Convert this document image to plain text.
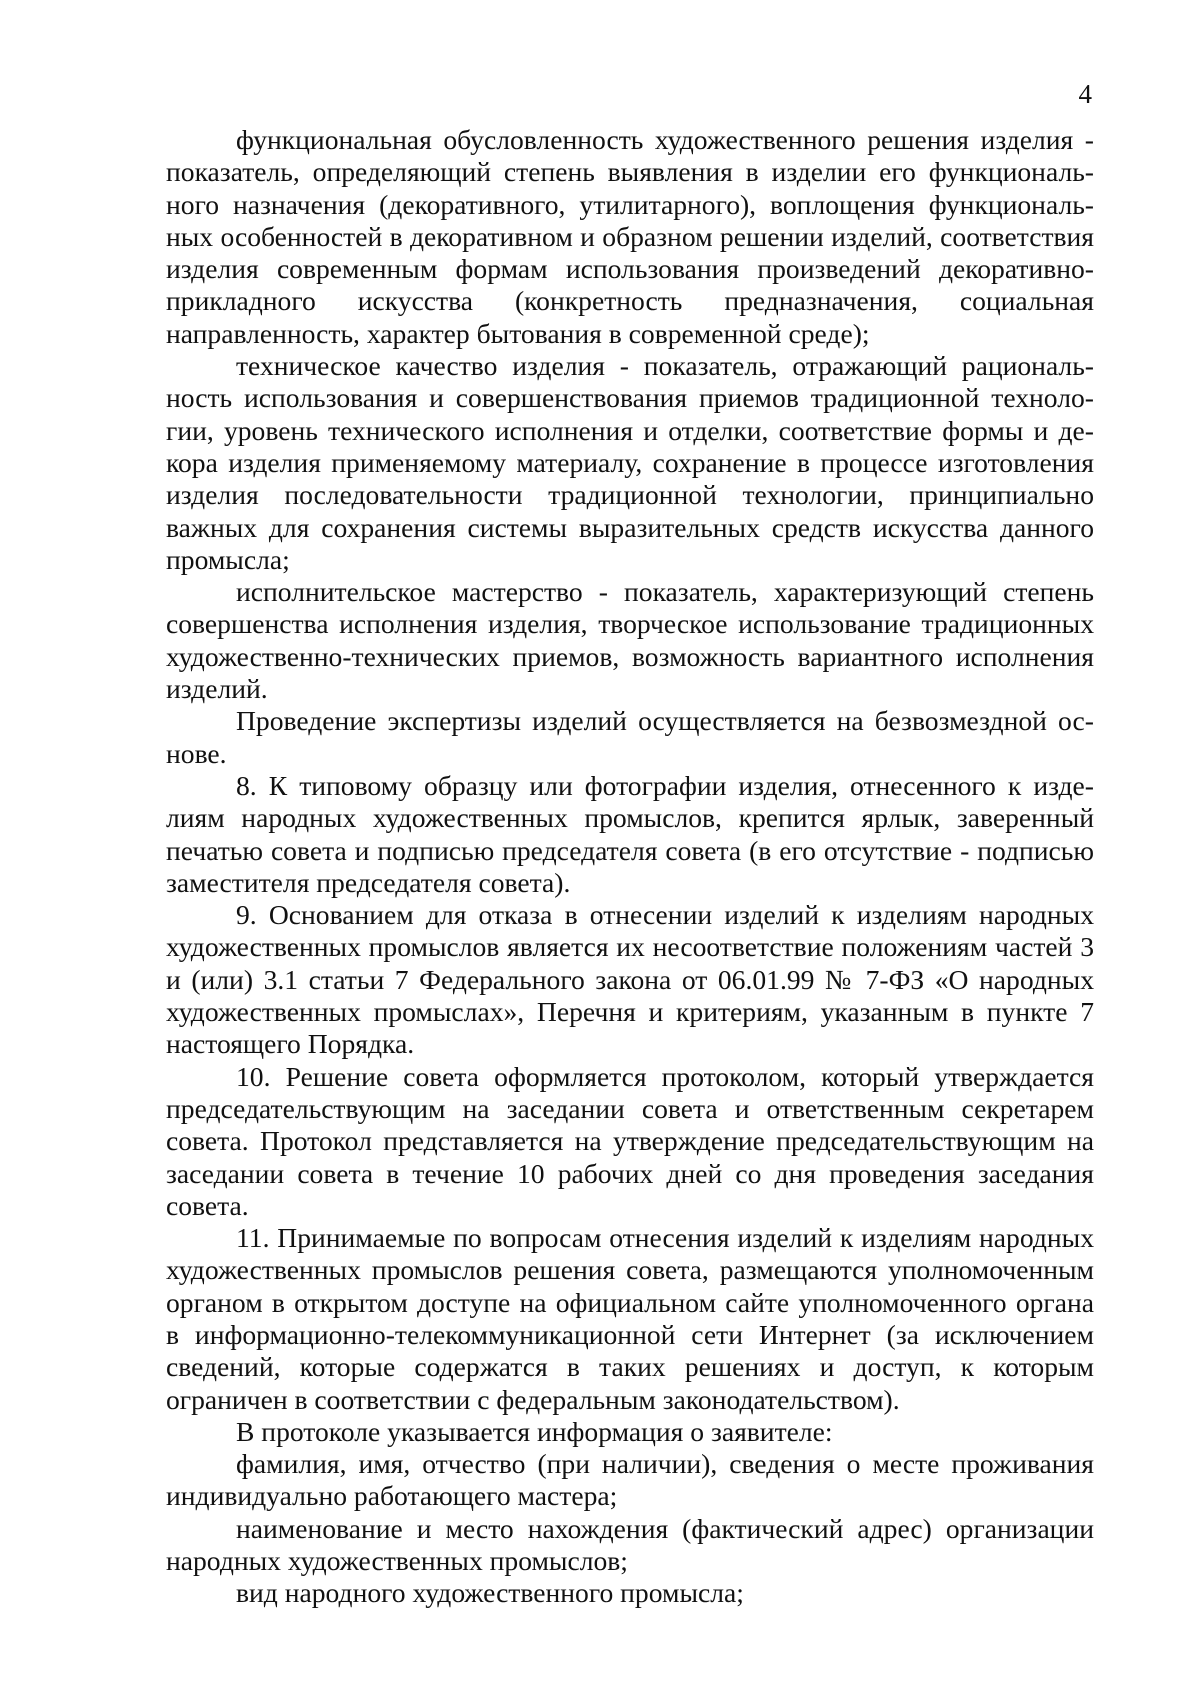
4

функциональная обусловленность художественного решения изделия - показатель, определяющий степень выявления в изделии его функционального назначения (декоративного, утилитарного), воплощения функциональных особенностей в декоративном и образном решении изделий, соответствия изделия современным формам использования произведений декоративно-прикладного искусства (конкретность предназначения, социальная направленность, характер бытования в современной среде);

техническое качество изделия - показатель, отражающий рациональность использования и совершенствования приемов традиционной технологии, уровень технического исполнения и отделки, соответствие формы и декора изделия применяемому материалу, сохранение в процессе изготовления изделия последовательности традиционной технологии, принципиально важных для сохранения системы выразительных средств искусства данного промысла;

исполнительское мастерство - показатель, характеризующий степень совершенства исполнения изделия, творческое использование традиционных художественно-технических приемов, возможность вариантного исполнения изделий.

Проведение экспертизы изделий осуществляется на безвозмездной основе.

8. К типовому образцу или фотографии изделия, отнесенного к изделиям народных художественных промыслов, крепится ярлык, заверенный печатью совета и подписью председателя совета (в его отсутствие - подписью заместителя председателя совета).

9. Основанием для отказа в отнесении изделий к изделиям народных художественных промыслов является их несоответствие положениям частей 3 и (или) 3.1 статьи 7 Федерального закона от 06.01.99 № 7-ФЗ «О народных художественных промыслах», Перечня и критериям, указанным в пункте 7 настоящего Порядка.

10. Решение совета оформляется протоколом, который утверждается председательствующим на заседании совета и ответственным секретарем совета. Протокол представляется на утверждение председательствующим на заседании совета в течение 10 рабочих дней со дня проведения заседания совета.

11. Принимаемые по вопросам отнесения изделий к изделиям народных художественных промыслов решения совета, размещаются уполномоченным органом в открытом доступе на официальном сайте уполномоченного органа в информационно-телекоммуникационной сети Интернет (за исключением сведений, которые содержатся в таких решениях и доступ, к которым ограничен в соответствии с федеральным законодательством).

В протоколе указывается информация о заявителе:

фамилия, имя, отчество (при наличии), сведения о месте проживания индивидуально работающего мастера;

наименование и место нахождения (фактический адрес) организации народных художественных промыслов;

вид народного художественного промысла;
